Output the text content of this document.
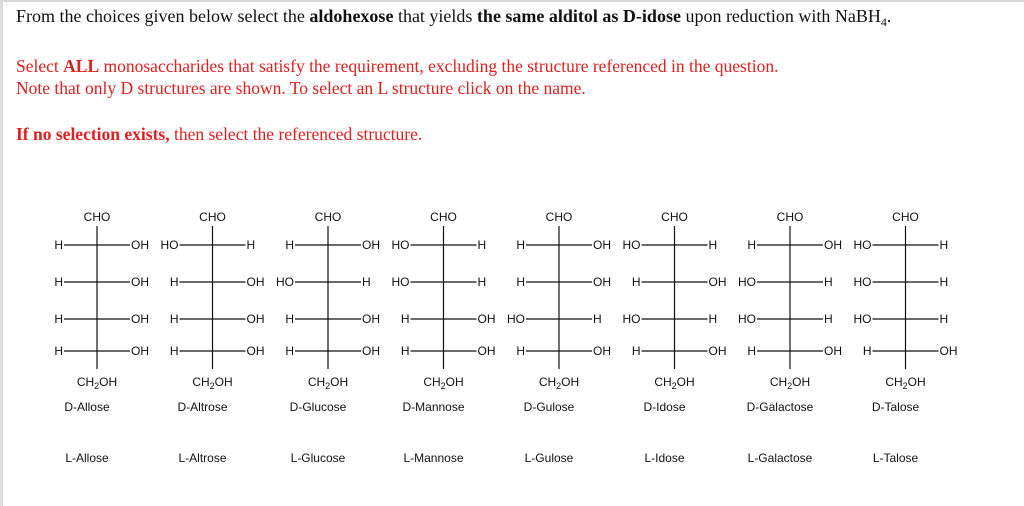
From the choices given below select the aldohexose that yields the same alditol as D-idose upon reduction with NaBH$_4$.
Select ALL monosaccharides that satisfy the requirement, excluding the structure referenced in the question.
Note that only D structures are shown. To select an L structure click on the name.
If no selection exists, then select the referenced structure.
CHO
H	OH
H	OH
H	OH
H	OH
$CH_2OH$
D-Allose
L-Allose
CHO
HO	H
H	OH
H	OH
H	OH
$CH_2OH$
D-Altrose
L-Altrose
CHO
H	OH
HO	H
H	OH
H	OH
$CH_2OH$
D-Glucose
L-Glucose
CHO
HO	H
HO	H
H	OH
H	OH
$CH_2OH$
D-Mannose
L-Mannose
CHO
H	OH
H	OH
HO	H
H	OH
$CH_2OH$
D-Gulose
L-Gulose
CHO
HO	H
H	OH
HO	H
H	OH
$CH_2OH$
D-Idose
L-Idose
CHO
H	OH
HO	H
HO	H
H	OH
$CH_2OH$
D-Galactose
L-Galactose
CHO
HO	H
HO	H
HO	H
H	OH
$CH_2OH$
D-Talose
L-Talose
